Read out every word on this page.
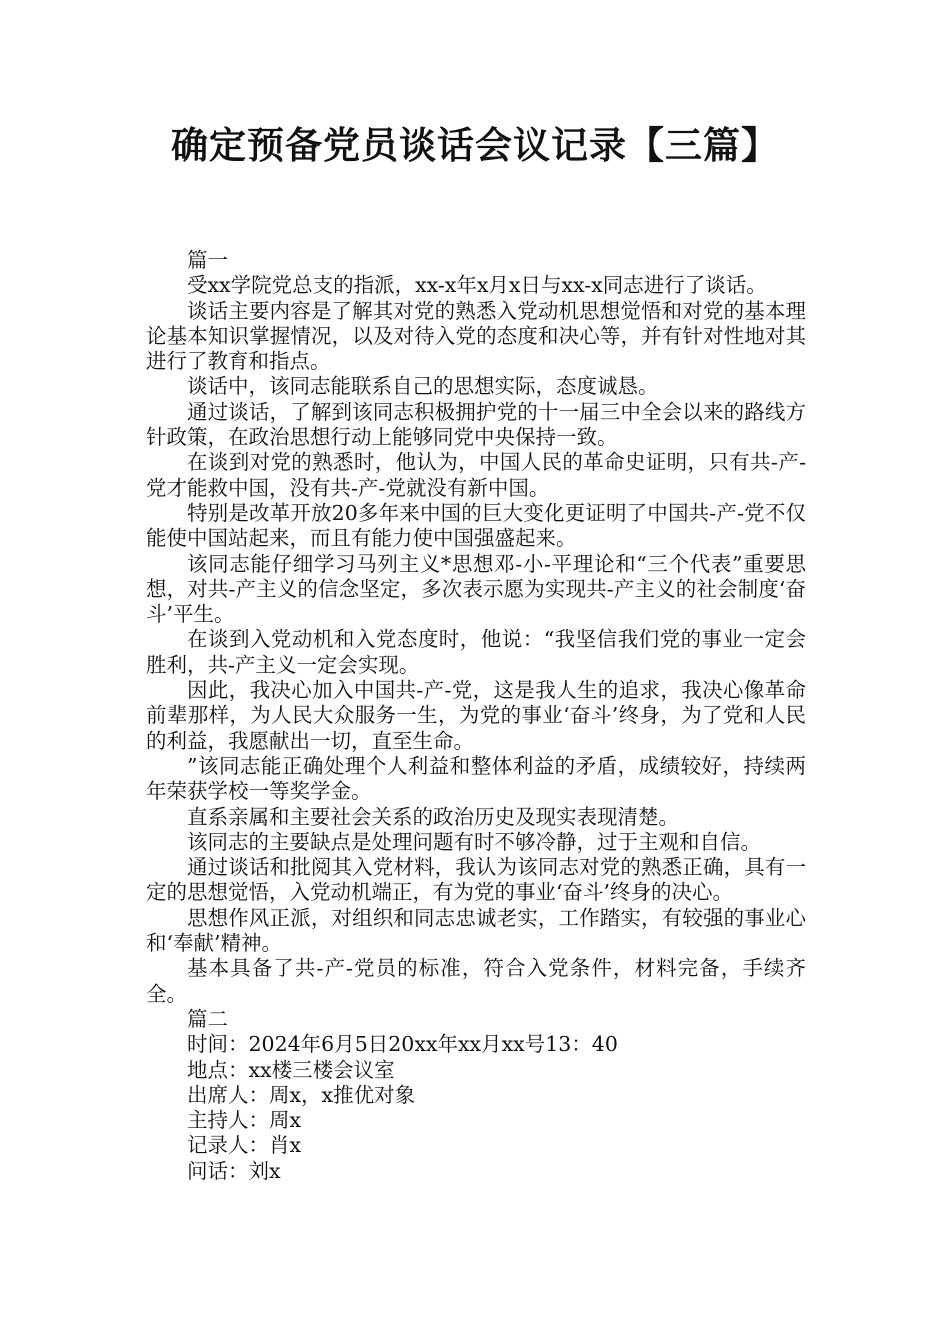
确定预备党员谈话会议记录【三篇】

篇一

受xx学院党总支的指派，xx-x年x月x日与xx-x同志进行了谈话。

谈话主要内容是了解其对党的熟悉入党动机思想觉悟和对党的基本理论基本知识掌握情况，以及对待入党的态度和决心等，并有针对性地对其进行了教育和指点。

谈话中，该同志能联系自己的思想实际，态度诚恳。

通过谈话，了解到该同志积极拥护党的十一届三中全会以来的路线方针政策，在政治思想行动上能够同党中央保持一致。

在谈到对党的熟悉时，他认为，中国人民的革命史证明，只有共-产-党才能救中国，没有共-产-党就没有新中国。

特别是改革开放20多年来中国的巨大变化更证明了中国共-产-党不仅能使中国站起来，而且有能力使中国强盛起来。

该同志能仔细学习马列主义*思想邓-小-平理论和“三个代表”重要思想，对共-产主义的信念坚定，多次表示愿为实现共-产主义的社会制度‘奋斗’平生。

在谈到入党动机和入党态度时，他说：“我坚信我们党的事业一定会胜利，共-产主义一定会实现。

因此，我决心加入中国共-产-党，这是我人生的追求，我决心像革命前辈那样，为人民大众服务一生，为党的事业‘奋斗’终身，为了党和人民的利益，我愿献出一切，直至生命。

”该同志能正确处理个人利益和整体利益的矛盾，成绩较好，持续两年荣获学校一等奖学金。

直系亲属和主要社会关系的政治历史及现实表现清楚。

该同志的主要缺点是处理问题有时不够冷静，过于主观和自信。

通过谈话和批阅其入党材料，我认为该同志对党的熟悉正确，具有一定的思想觉悟，入党动机端正，有为党的事业‘奋斗’终身的决心。

思想作风正派，对组织和同志忠诚老实，工作踏实，有较强的事业心和‘奉献’精神。

基本具备了共-产-党员的标准，符合入党条件，材料完备，手续齐全。

篇二

时间：2024年6月5日20xx年xx月xx号13：40

地点：xx楼三楼会议室

出席人：周x，x推优对象

主持人：周x

记录人：肖x

问话：刘x
